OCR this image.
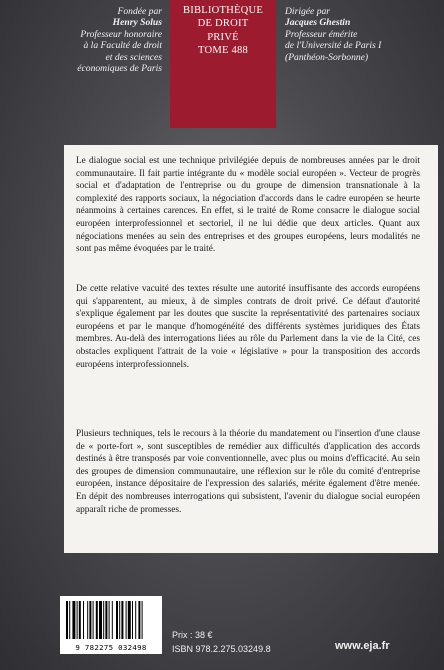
Fondée par
Henry Solus
Professeur honoraire
à la Faculté de droit
et des sciences
économiques de Paris
BIBLIOTHÈQUE
DE DROIT
PRIVÉ
TOME 488
Dirigée par
Jacques Ghestin
Professeur émérite
de l'Université de Paris I
(Panthéon-Sorbonne)

Le dialogue social est une technique privilégiée depuis de nombreuses années par le droit communautaire. Il fait partie intégrante du « modèle social européen ». Vecteur de progrès social et d'adaptation de l'entreprise ou du groupe de dimension transnationale à la complexité des rapports sociaux, la négociation d'accords dans le cadre européen se heurte néanmoins à certaines carences. En effet, si le traité de Rome consacre le dialogue social européen interprofessionnel et sectoriel, il ne lui dédie que deux articles. Quant aux négociations menées au sein des entreprises et des groupes européens, leurs modalités ne sont pas même évoquées par le traité.

De cette relative vacuité des textes résulte une autorité insuffisante des accords européens qui s'apparentent, au mieux, à de simples contrats de droit privé. Ce défaut d'autorité s'explique également par les doutes que suscite la représentativité des partenaires sociaux européens et par le manque d'homogénéité des différents systèmes juridiques des États membres. Au-delà des interrogations liées au rôle du Parlement dans la vie de la Cité, ces obstacles expliquent l'attrait de la voie « législative » pour la transposition des accords européens interprofessionnels.

Plusieurs techniques, tels le recours à la théorie du mandatement ou l'insertion d'une clause de « porte-fort », sont susceptibles de remédier aux difficultés d'application des accords destinés à être transposés par voie conventionnelle, avec plus ou moins d'efficacité. Au sein des groupes de dimension communautaire, une réflexion sur le rôle du comité d'entreprise européen, instance dépositaire de l'expression des salariés, mérite également d'être menée. En dépit des nombreuses interrogations qui subsistent, l'avenir du dialogue social européen apparaît riche de promesses.

9 782275 032498
Prix : 38 €
ISBN 978.2.275.03249.8	www.eja.fr
